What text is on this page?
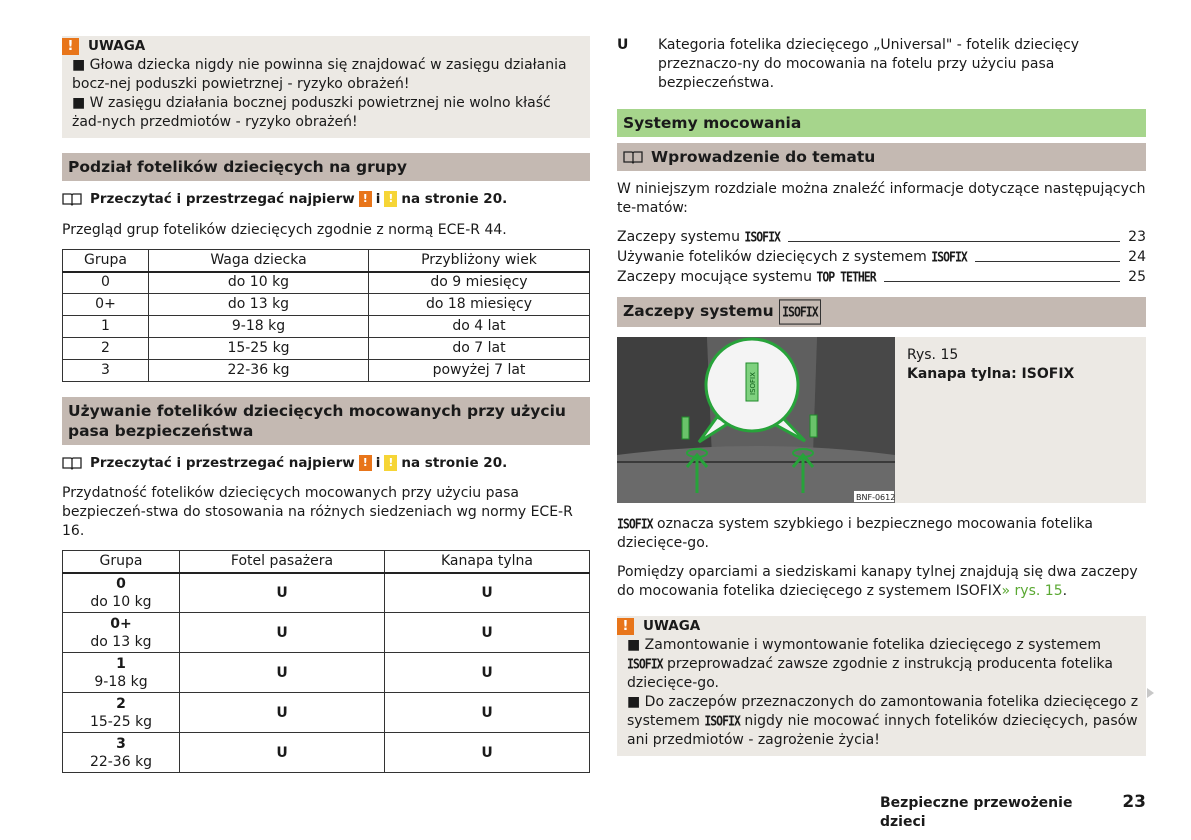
!	UWAGA
■ Głowa dziecka nigdy nie powinna się znajdować w zasięgu działania bocz-nej poduszki powietrznej - ryzyko obrażeń!
■ W zasięgu działania bocznej poduszki powietrznej nie wolno kłaść żad-nych przedmiotów - ryzyko obrażeń!
Podział fotelików dziecięcych na grupy
Przeczytać i przestrzegać najpierw ! i ! na stronie 20.
Przegląd grup fotelików dziecięcych zgodnie z normą ECE-R 44.
Grupa	Waga dziecka	Przybliżony wiek
0	do 10 kg	do 9 miesięcy
0+	do 13 kg	do 18 miesięcy
1	9-18 kg	do 4 lat
2	15-25 kg	do 7 lat
3	22-36 kg	powyżej 7 lat
Używanie fotelików dziecięcych mocowanych przy użyciu pasa bezpieczeństwa
Przeczytać i przestrzegać najpierw ! i ! na stronie 20.
Przydatność fotelików dziecięcych mocowanych przy użyciu pasa bezpieczeń-stwa do stosowania na różnych siedzeniach wg normy ECE-R 16.
Grupa	Fotel pasażera	Kanapa tylna

0
do 10 kg	U	U

0+
do 13 kg	U	U

1
9-18 kg	U	U

2
15-25 kg	U	U

3
22-36 kg	U	U
U	Kategoria fotelika dziecięcego „Universal" - fotelik dziecięcy przeznaczo-ny do mocowania na fotelu przy użyciu pasa bezpieczeństwa.
Systemy mocowania
Wprowadzenie do tematu
W niniejszym rozdziale można znaleźć informacje dotyczące następujących te-matów:
Zaczepy systemu
ISOFIX	23
Używanie fotelików dziecięcych z systemem
ISOFIX	24
Zaczepy mocujące systemu
TOP TETHER	25
Zaczepy systemu ISOFIX
ISOFIX
BNF-0612
Rys. 15
Kanapa tylna: ISOFIX
ISOFIX oznacza system szybkiego i bezpiecznego mocowania fotelika dziecięce-go.
Pomiędzy oparciami a siedziskami kanapy tylnej znajdują się dwa zaczepy do mocowania fotelika dziecięcego z systemem ISOFIX» rys. 15.
!	UWAGA
■ Zamontowanie i wymontowanie fotelika dziecięcego z systemem ISOFIX przeprowadzać zawsze zgodnie z instrukcją producenta fotelika dziecięce-go.
■ Do zaczepów przeznaczonych do zamontowania fotelika dziecięcego z systemem ISOFIX nigdy nie mocować innych fotelików dziecięcych, pasów ani przedmiotów - zagrożenie życia!
Bezpieczne przewożenie dzieci
23
